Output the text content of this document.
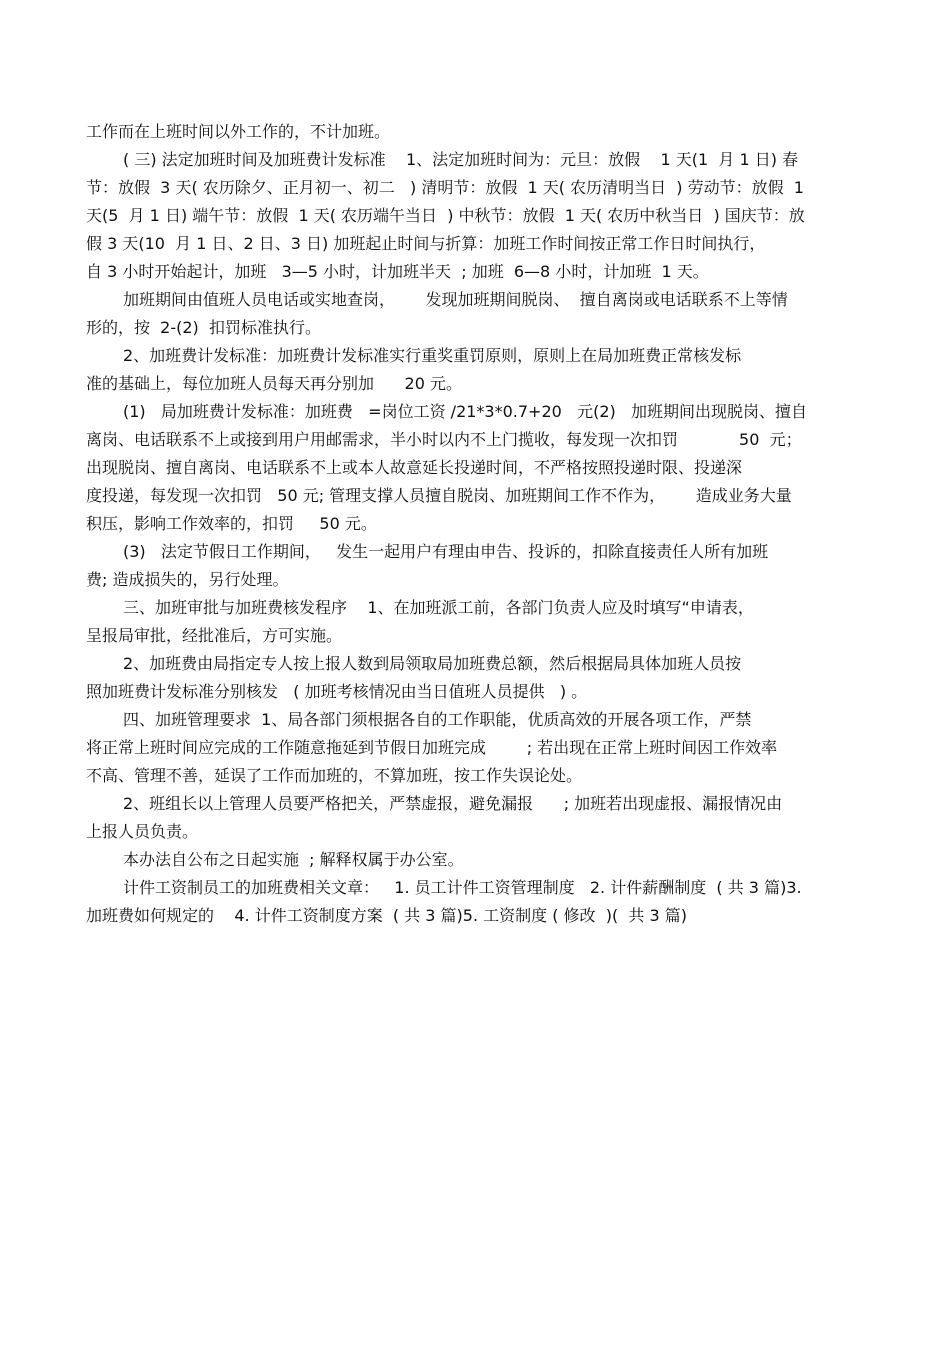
工作而在上班时间以外工作的，不计加班。
( 三) 法定加班时间及加班费计发标准    1、法定加班时间为：元旦：放假    1 天(1  月 1 日) 春
节：放假  3 天( 农历除夕、正月初一、初二   ) 清明节：放假  1 天( 农历清明当日  ) 劳动节：放假  1
天(5  月 1 日) 端午节：放假  1 天( 农历端午当日  ) 中秋节：放假  1 天( 农历中秋当日  ) 国庆节：放
假 3 天(10  月 1 日、2 日、3 日) 加班起止时间与折算：加班工作时间按正常工作日时间执行，
自 3 小时开始起计，加班   3—5 小时，计加班半天  ; 加班  6—8 小时，计加班  1 天。
加班期间由值班人员电话或实地查岗，      发现加班期间脱岗、  擅自离岗或电话联系不上等情
形的，按  2-(2)  扣罚标准执行。
2、加班费计发标准：加班费计发标准实行重奖重罚原则，原则上在局加班费正常核发标
准的基础上，每位加班人员每天再分别加      20 元。
(1)   局加班费计发标准：加班费   =岗位工资 /21*3*0.7+20   元(2)   加班期间出现脱岗、擅自
离岗、电话联系不上或接到用户用邮需求，半小时以内不上门揽收，每发现一次扣罚            50  元；
出现脱岗、擅自离岗、电话联系不上或本人故意延长投递时间，不严格按照投递时限、投递深
度投递，每发现一次扣罚   50 元; 管理支撑人员擅自脱岗、加班期间工作不作为，      造成业务大量
积压，影响工作效率的，扣罚     50 元。
(3)   法定节假日工作期间，   发生一起用户有理由申告、投诉的，扣除直接责任人所有加班
费; 造成损失的，另行处理。
三、加班审批与加班费核发程序    1、在加班派工前，各部门负责人应及时填写“申请表，
呈报局审批，经批准后，方可实施。
2、加班费由局指定专人按上报人数到局领取局加班费总额，然后根据局具体加班人员按
照加班费计发标准分别核发   ( 加班考核情况由当日值班人员提供   ) 。
四、加班管理要求  1、局各部门须根据各自的工作职能，优质高效的开展各项工作，严禁
将正常上班时间应完成的工作随意拖延到节假日加班完成        ; 若出现在正常上班时间因工作效率
不高、管理不善，延误了工作而加班的，不算加班，按工作失误论处。
2、班组长以上管理人员要严格把关，严禁虚报，避免漏报      ; 加班若出现虚报、漏报情况由
上报人员负责。
本办法自公布之日起实施  ; 解释权属于办公室。
计件工资制员工的加班费相关文章：   1. 员工计件工资管理制度   2. 计件薪酬制度  ( 共 3 篇)3.
加班费如何规定的    4. 计件工资制度方案  ( 共 3 篇)5. 工资制度 ( 修改  )(  共 3 篇)
